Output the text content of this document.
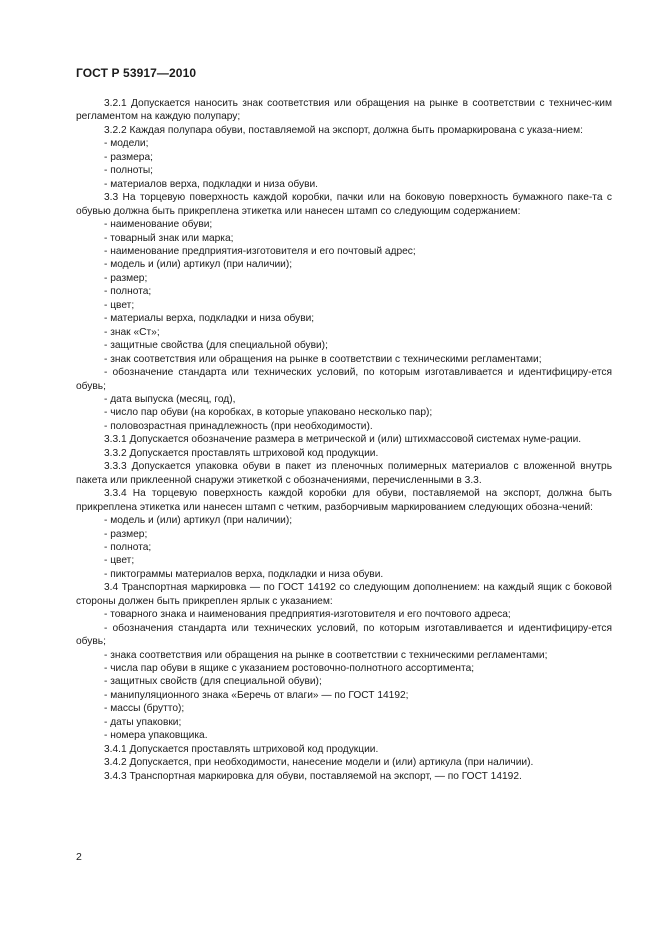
ГОСТ Р 53917—2010

3.2.1 Допускается наносить знак соответствия или обращения на рынке в соответствии с техничес-ким регламентом на каждую полупару;

3.2.2 Каждая полупара обуви, поставляемой на экспорт, должна быть промаркирована с указа-нием:

- модели;

- размера;

- полноты;

- материалов верха, подкладки и низа обуви.

3.3 На торцевую поверхность каждой коробки, пачки или на боковую поверхность бумажного паке-та с обувью должна быть прикреплена этикетка или нанесен штамп со следующим содержанием:

- наименование обуви;

- товарный знак или марка;

- наименование предприятия-изготовителя и его почтовый адрес;

- модель и (или) артикул (при наличии);

- размер;

- полнота;

- цвет;

- материалы верха, подкладки и низа обуви;

- знак «Ст»;

- защитные свойства (для специальной обуви);

- знак соответствия или обращения на рынке в соответствии с техническими регламентами;

- обозначение стандарта или технических условий, по которым изготавливается и идентифициру-ется обувь;

- дата выпуска (месяц, год),

- число пар обуви (на коробках, в которые упаковано несколько пар);

- половозрастная принадлежность (при необходимости).

3.3.1 Допускается обозначение размера в метрической и (или) штихмассовой системах нуме-рации.

3.3.2 Допускается проставлять штриховой код продукции.

3.3.3 Допускается упаковка обуви в пакет из пленочных полимерных материалов с вложенной внутрь пакета или приклеенной снаружи этикеткой с обозначениями, перечисленными в 3.3.

3.3.4 На торцевую поверхность каждой коробки для обуви, поставляемой на экспорт, должна быть прикреплена этикетка или нанесен штамп с четким, разборчивым маркированием следующих обозна-чений:

- модель и (или) артикул (при наличии);

- размер;

- полнота;

- цвет;

- пиктограммы материалов верха, подкладки и низа обуви.

3.4 Транспортная маркировка — по ГОСТ 14192 со следующим дополнением: на каждый ящик с боковой стороны должен быть прикреплен ярлык с указанием:

- товарного знака и наименования предприятия-изготовителя и его почтового адреса;

- обозначения стандарта или технических условий, по которым изготавливается и идентифициру-ется обувь;

- знака соответствия или обращения на рынке в соответствии с техническими регламентами;

- числа пар обуви в ящике с указанием ростовочно-полнотного ассортимента;

- защитных свойств (для специальной обуви);

- манипуляционного знака «Беречь от влаги» — по ГОСТ 14192;

- массы (брутто);

- даты упаковки;

- номера упаковщика.

3.4.1 Допускается проставлять штриховой код продукции.

3.4.2 Допускается, при необходимости, нанесение модели и (или) артикула (при наличии).

3.4.3 Транспортная маркировка для обуви, поставляемой на экспорт, — по ГОСТ 14192.

2
